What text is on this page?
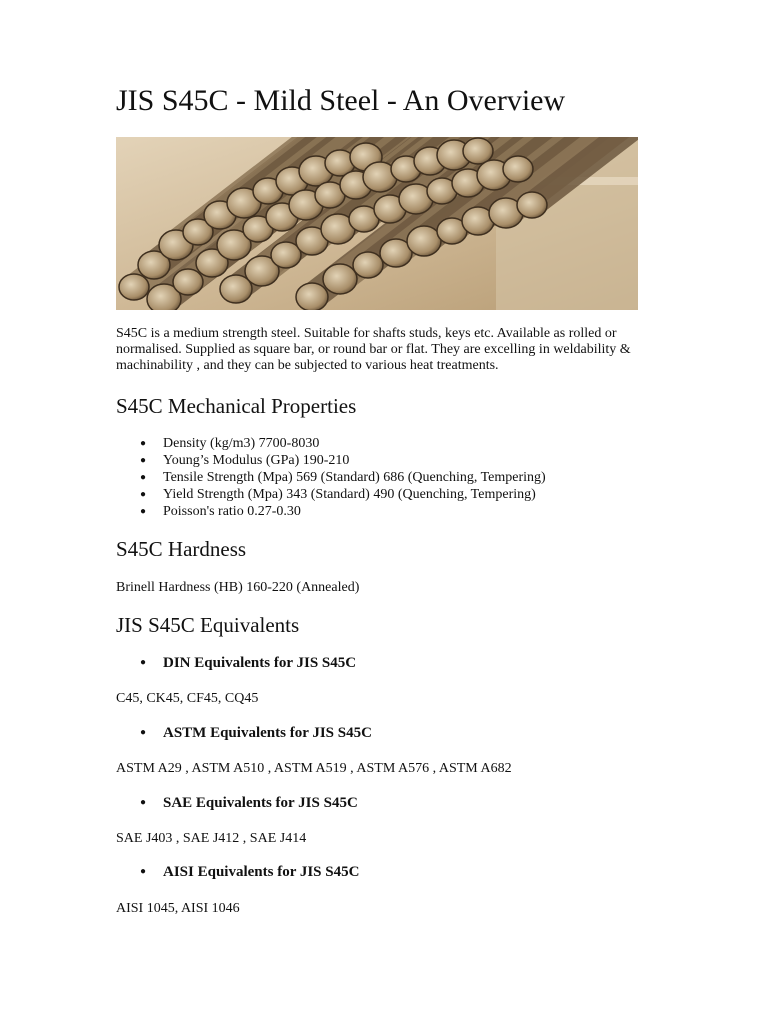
JIS S45C - Mild Steel - An Overview

S45C is a medium strength steel. Suitable for shafts studs, keys etc. Available as rolled or normalised. Supplied as square bar, or round bar or flat. They are excelling in weldability & machinability , and they can be subjected to various heat treatments.

S45C Mechanical Properties
● Density (kg/m3) 7700-8030
● Young’s Modulus (GPa) 190-210
● Tensile Strength (Mpa) 569 (Standard) 686 (Quenching, Tempering)
● Yield Strength (Mpa) 343 (Standard) 490 (Quenching, Tempering)
● Poisson's ratio 0.27-0.30
S45C Hardness

Brinell Hardness (HB) 160-220 (Annealed)

JIS S45C Equivalents

● DIN Equivalents for JIS S45C

C45, CK45, CF45, CQ45

● ASTM Equivalents for JIS S45C

ASTM A29 , ASTM A510 , ASTM A519 , ASTM A576 , ASTM A682

● SAE Equivalents for JIS S45C

SAE J403 , SAE J412 , SAE J414

● AISI Equivalents for JIS S45C

AISI 1045, AISI 1046
